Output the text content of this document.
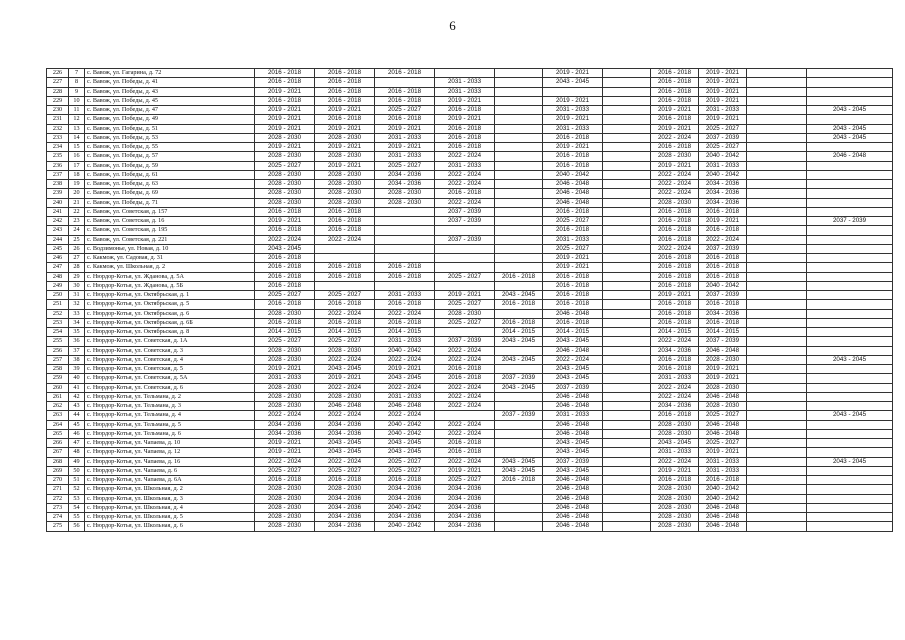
6
226	7	с. Вавож, ул. Гагарина, д. 72	2016 - 2018	2016 - 2018	2016 - 2018			2019 - 2021		2016 - 2018	2019 - 2021		
227	8	с. Вавож, ул. Победы, д. 41	2016 - 2018	2016 - 2018		2031 - 2033		2043 - 2045		2016 - 2018	2019 - 2021		
228	9	с. Вавож, ул. Победы, д. 43	2019 - 2021	2016 - 2018	2016 - 2018	2031 - 2033				2016 - 2018	2019 - 2021		
229	10	с. Вавож, ул. Победы, д. 45	2016 - 2018	2016 - 2018	2016 - 2018	2019 - 2021		2019 - 2021		2016 - 2018	2019 - 2021		
230	11	с. Вавож, ул. Победы, д. 47	2019 - 2021	2019 - 2021	2025 - 2027	2016 - 2018		2031 - 2033		2019 - 2021	2031 - 2033		2043 - 2045
231	12	с. Вавож, ул. Победы, д. 49	2019 - 2021	2016 - 2018	2016 - 2018	2019 - 2021		2019 - 2021		2016 - 2018	2019 - 2021		
232	13	с. Вавож, ул. Победы, д. 51	2019 - 2021	2019 - 2021	2019 - 2021	2016 - 2018		2031 - 2033		2019 - 2021	2025 - 2027		2043 - 2045
233	14	с. Вавож, ул. Победы, д. 53	2028 - 2030	2028 - 2030	2031 - 2033	2016 - 2018		2016 - 2018		2022 - 2024	2037 - 2039		2043 - 2045
234	15	с. Вавож, ул. Победы, д. 55	2019 - 2021	2019 - 2021	2019 - 2021	2016 - 2018		2019 - 2021		2016 - 2018	2025 - 2027		
235	16	с. Вавож, ул. Победы, д. 57	2028 - 2030	2028 - 2030	2031 - 2033	2022 - 2024		2016 - 2018		2028 - 2030	2040 - 2042		2046 - 2048
236	17	с. Вавож, ул. Победы, д. 59	2025 - 2027	2019 - 2021	2025 - 2027	2031 - 2033		2016 - 2018		2019 - 2021	2031 - 2033		
237	18	с. Вавож, ул. Победы, д. 61	2028 - 2030	2028 - 2030	2034 - 2036	2022 - 2024		2040 - 2042		2022 - 2024	2040 - 2042		
238	19	с. Вавож, ул. Победы, д. 63	2028 - 2030	2028 - 2030	2034 - 2036	2022 - 2024		2046 - 2048		2022 - 2024	2034 - 2036		
239	20	с. Вавож, ул. Победы, д. 69	2028 - 2030	2028 - 2030	2028 - 2030	2016 - 2018		2046 - 2048		2022 - 2024	2034 - 2036		
240	21	с. Вавож, ул. Победы, д. 71	2028 - 2030	2028 - 2030	2028 - 2030	2022 - 2024		2046 - 2048		2028 - 2030	2034 - 2036		
241	22	с. Вавож, ул. Советская, д. 157	2016 - 2018	2016 - 2018		2037 - 2039		2016 - 2018		2016 - 2018	2016 - 2018		
242	23	с. Вавож, ул. Советская, д. 16	2019 - 2021	2016 - 2018		2037 - 2039		2025 - 2027		2016 - 2018	2019 - 2021		2037 - 2039
243	24	с. Вавож, ул. Советская, д. 195	2016 - 2018	2016 - 2018				2016 - 2018		2016 - 2018	2016 - 2018		
244	25	с. Вавож, ул. Советская, д. 221	2022 - 2024	2022 - 2024		2037 - 2039		2031 - 2033		2016 - 2018	2022 - 2024		
245	26	с. Водзимонье, ул. Новая, д. 10	2043 - 2045					2025 - 2027		2022 - 2024	2037 - 2039		
246	27	с. Какмож, ул. Садовая, д. 31	2016 - 2018					2019 - 2021		2016 - 2018	2016 - 2018		
247	28	с. Какмож, ул. Школьная, д. 2	2016 - 2018	2016 - 2018	2016 - 2018			2019 - 2021		2016 - 2018	2016 - 2018		
248	29	с. Нюрдор-Котья, ул. Жданова, д. 5А	2016 - 2018	2016 - 2018	2016 - 2018	2025 - 2027	2016 - 2018	2016 - 2018		2016 - 2018	2016 - 2018		
249	30	с. Нюрдор-Котья, ул. Жданова, д. 5Б	2016 - 2018					2016 - 2018		2016 - 2018	2040 - 2042		
250	31	с. Нюрдор-Котья, ул. Октябрьская, д. 1	2025 - 2027	2025 - 2027	2031 - 2033	2019 - 2021	2043 - 2045	2016 - 2018		2019 - 2021	2037 - 2039		
251	32	с. Нюрдор-Котья, ул. Октябрьская, д. 5	2016 - 2018	2016 - 2018	2016 - 2018	2025 - 2027	2016 - 2018	2016 - 2018		2016 - 2018	2016 - 2018		
252	33	с. Нюрдор-Котья, ул. Октябрьская, д. 6	2028 - 2030	2022 - 2024	2022 - 2024	2028 - 2030		2046 - 2048		2016 - 2018	2034 - 2036		
253	34	с. Нюрдор-Котья, ул. Октябрьская, д. 6Б	2016 - 2018	2016 - 2018	2016 - 2018	2025 - 2027	2016 - 2018	2016 - 2018		2016 - 2018	2016 - 2018		
254	35	с. Нюрдор-Котья, ул. Октябрьская, д. 8	2014 - 2015	2014 - 2015	2014 - 2015		2014 - 2015	2014 - 2015		2014 - 2015	2014 - 2015		
255	36	с. Нюрдор-Котья, ул. Советская, д. 1А	2025 - 2027	2025 - 2027	2031 - 2033	2037 - 2039	2043 - 2045	2043 - 2045		2022 - 2024	2037 - 2039		
256	37	с. Нюрдор-Котья, ул. Советская, д. 3	2028 - 2030	2028 - 2030	2040 - 2042	2022 - 2024		2046 - 2048		2034 - 2036	2046 - 2048		
257	38	с. Нюрдор-Котья, ул. Советская, д. 4	2028 - 2030	2022 - 2024	2022 - 2024	2022 - 2024	2043 - 2045	2022 - 2024		2016 - 2018	2028 - 2030		2043 - 2045
258	39	с. Нюрдор-Котья, ул. Советская, д. 5	2019 - 2021	2043 - 2045	2019 - 2021	2016 - 2018		2043 - 2045		2016 - 2018	2019 - 2021		
259	40	с. Нюрдор-Котья, ул. Советская, д. 5А	2031 - 2033	2019 - 2021	2043 - 2045	2016 - 2018	2037 - 2039	2043 - 2045		2031 - 2033	2019 - 2021		
260	41	с. Нюрдор-Котья, ул. Советская, д. 6	2028 - 2030	2022 - 2024	2022 - 2024	2022 - 2024	2043 - 2045	2037 - 2039		2022 - 2024	2028 - 2030		
261	42	с. Нюрдор-Котья, ул. Тельмана, д. 2	2028 - 2030	2028 - 2030	2031 - 2033	2022 - 2024		2046 - 2048		2022 - 2024	2046 - 2048		
262	43	с. Нюрдор-Котья, ул. Тельмана, д. 3	2028 - 2030	2046 - 2048	2046 - 2048	2022 - 2024		2046 - 2048		2034 - 2036	2028 - 2030		
263	44	с. Нюрдор-Котья, ул. Тельмана, д. 4	2022 - 2024	2022 - 2024	2022 - 2024		2037 - 2039	2031 - 2033		2016 - 2018	2025 - 2027		2043 - 2045
264	45	с. Нюрдор-Котья, ул. Тельмана, д. 5	2034 - 2036	2034 - 2036	2040 - 2042	2022 - 2024		2046 - 2048		2028 - 2030	2046 - 2048		
265	46	с. Нюрдор-Котья, ул. Тельмана, д. 6	2034 - 2036	2034 - 2036	2040 - 2042	2022 - 2024		2046 - 2048		2028 - 2030	2046 - 2048		
266	47	с. Нюрдор-Котья, ул. Чапаева, д. 10	2019 - 2021	2043 - 2045	2043 - 2045	2016 - 2018		2043 - 2045		2043 - 2045	2025 - 2027		
267	48	с. Нюрдор-Котья, ул. Чапаева, д. 12	2019 - 2021	2043 - 2045	2043 - 2045	2016 - 2018		2043 - 2045		2031 - 2033	2019 - 2021		
268	49	с. Нюрдор-Котья, ул. Чапаева, д. 16	2022 - 2024	2022 - 2024	2025 - 2027	2022 - 2024	2043 - 2045	2037 - 2039		2022 - 2024	2031 - 2033		2043 - 2045
269	50	с. Нюрдор-Котья, ул. Чапаева, д. 6	2025 - 2027	2025 - 2027	2025 - 2027	2019 - 2021	2043 - 2045	2043 - 2045		2019 - 2021	2031 - 2033		
270	51	с. Нюрдор-Котья, ул. Чапаева, д. 6А	2016 - 2018	2016 - 2018	2016 - 2018	2025 - 2027	2016 - 2018	2046 - 2048		2016 - 2018	2016 - 2018		
271	52	с. Нюрдор-Котья, ул. Школьная, д. 2	2028 - 2030	2028 - 2030	2034 - 2036	2034 - 2036		2046 - 2048		2028 - 2030	2040 - 2042		
272	53	с. Нюрдор-Котья, ул. Школьная, д. 3	2028 - 2030	2034 - 2036	2034 - 2036	2034 - 2036		2046 - 2048		2028 - 2030	2040 - 2042		
273	54	с. Нюрдор-Котья, ул. Школьная, д. 4	2028 - 2030	2034 - 2036	2040 - 2042	2034 - 2036		2046 - 2048		2028 - 2030	2046 - 2048		
274	55	с. Нюрдор-Котья, ул. Школьная, д. 5	2028 - 2030	2034 - 2036	2034 - 2036	2034 - 2036		2046 - 2048		2028 - 2030	2046 - 2048		
275	56	с. Нюрдор-Котья, ул. Школьная, д. 6	2028 - 2030	2034 - 2036	2040 - 2042	2034 - 2036		2046 - 2048		2028 - 2030	2046 - 2048		
